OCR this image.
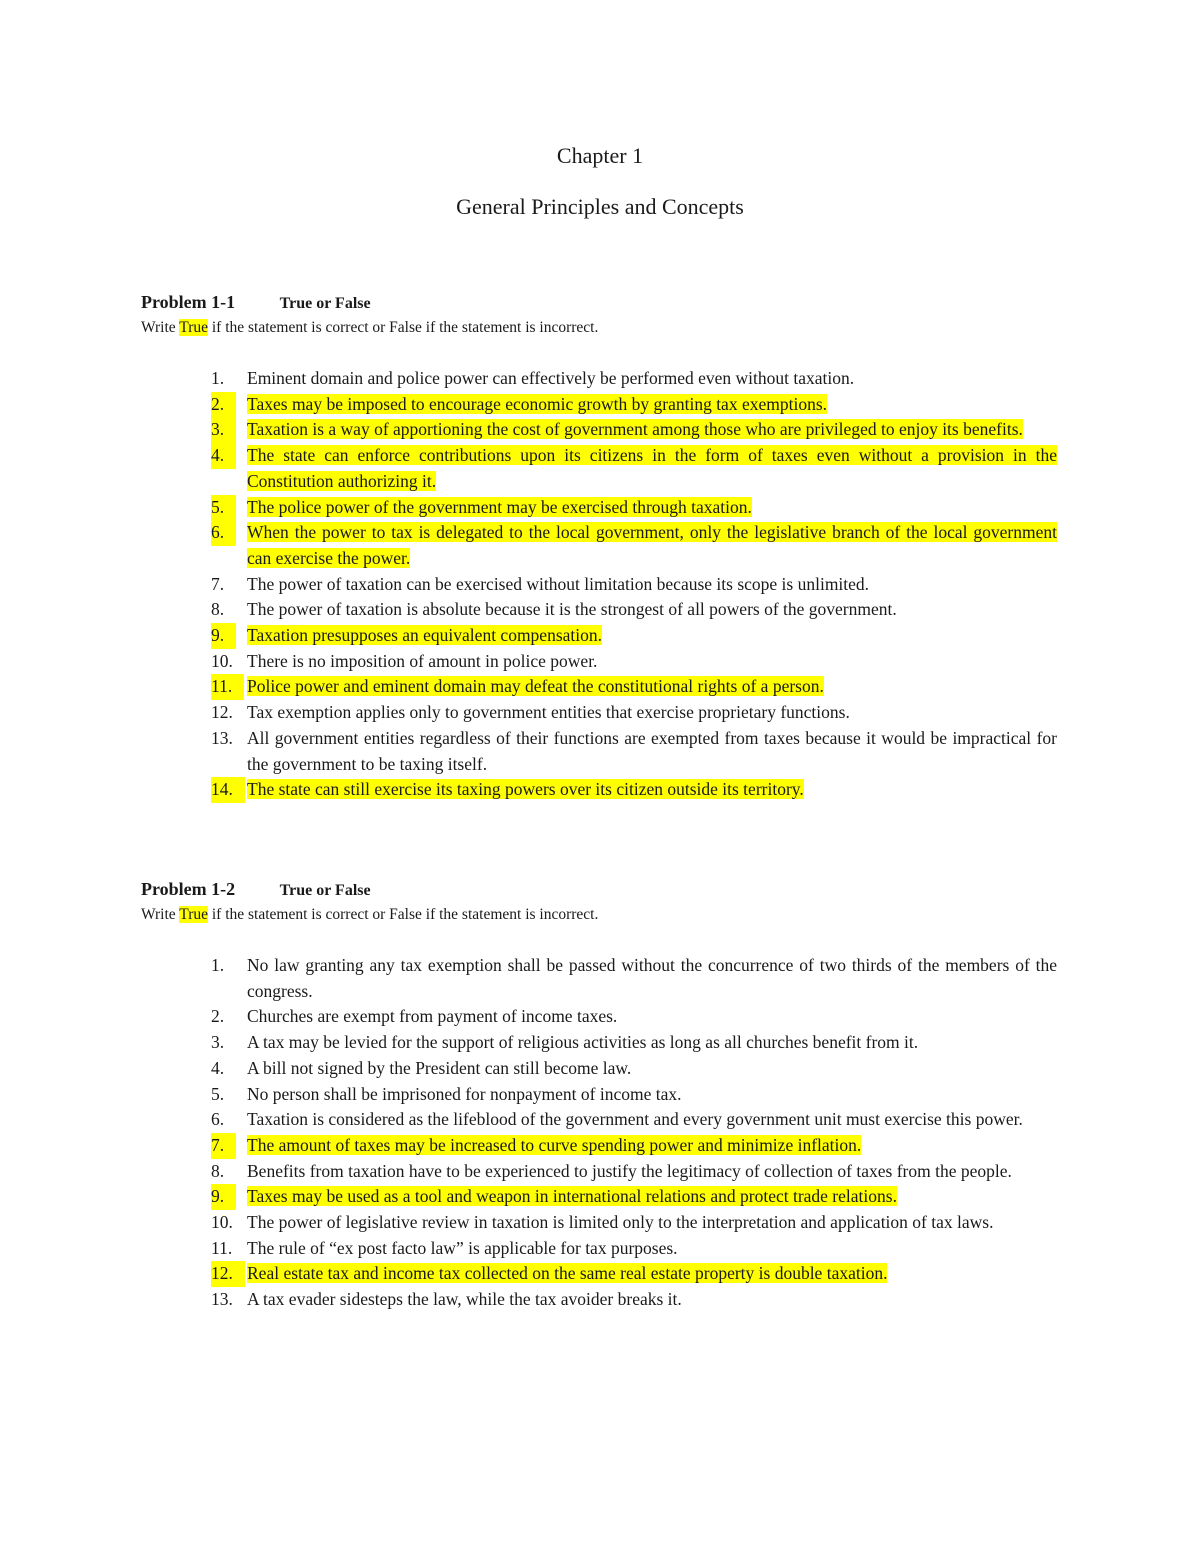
Chapter 1
General Principles and Concepts
Problem 1-1	True or False
Write True if the statement is correct or False if the statement is incorrect.
1. Eminent domain and police power can effectively be performed even without taxation.
2.	Taxes may be imposed to encourage economic growth by granting tax exemptions.
3.	Taxation is a way of apportioning the cost of government among those who are privileged to enjoy its benefits.
4.	The state can enforce contributions upon its citizens in the form of taxes even without a provision in the Constitution authorizing it.
5.	The police power of the government may be exercised through taxation.
6.	When the power to tax is delegated to the local government, only the legislative branch of the local government can exercise the power.
7. The power of taxation can be exercised without limitation because its scope is unlimited.
8. The power of taxation is absolute because it is the strongest of all powers of the government.
9.	Taxation presupposes an equivalent compensation.
10. There is no imposition of amount in police power.
11. Police power and eminent domain may defeat the constitutional rights of a person.
12. Tax exemption applies only to government entities that exercise proprietary functions.
13. All government entities regardless of their functions are exempted from taxes because it would be impractical for the government to be taxing itself.
14. The state can still exercise its taxing powers over its citizen outside its territory.
Problem 1-2	True or False
Write True if the statement is correct or False if the statement is incorrect.
1. No law granting any tax exemption shall be passed without the concurrence of two thirds of the members of the congress.
2. Churches are exempt from payment of income taxes.
3. A tax may be levied for the support of religious activities as long as all churches benefit from it.
4. A bill not signed by the President can still become law.
5. No person shall be imprisoned for nonpayment of income tax.
6. Taxation is considered as the lifeblood of the government and every government unit must exercise this power.
7.	The amount of taxes may be increased to curve spending power and minimize inflation.
8. Benefits from taxation have to be experienced to justify the legitimacy of collection of taxes from the people.
9.	Taxes may be used as a tool and weapon in international relations and protect trade relations.
10. The power of legislative review in taxation is limited only to the interpretation and application of tax laws.
11. The rule of “ex post facto law” is applicable for tax purposes.
12. Real estate tax and income tax collected on the same real estate property is double taxation.
13. A tax evader sidesteps the law, while the tax avoider breaks it.
